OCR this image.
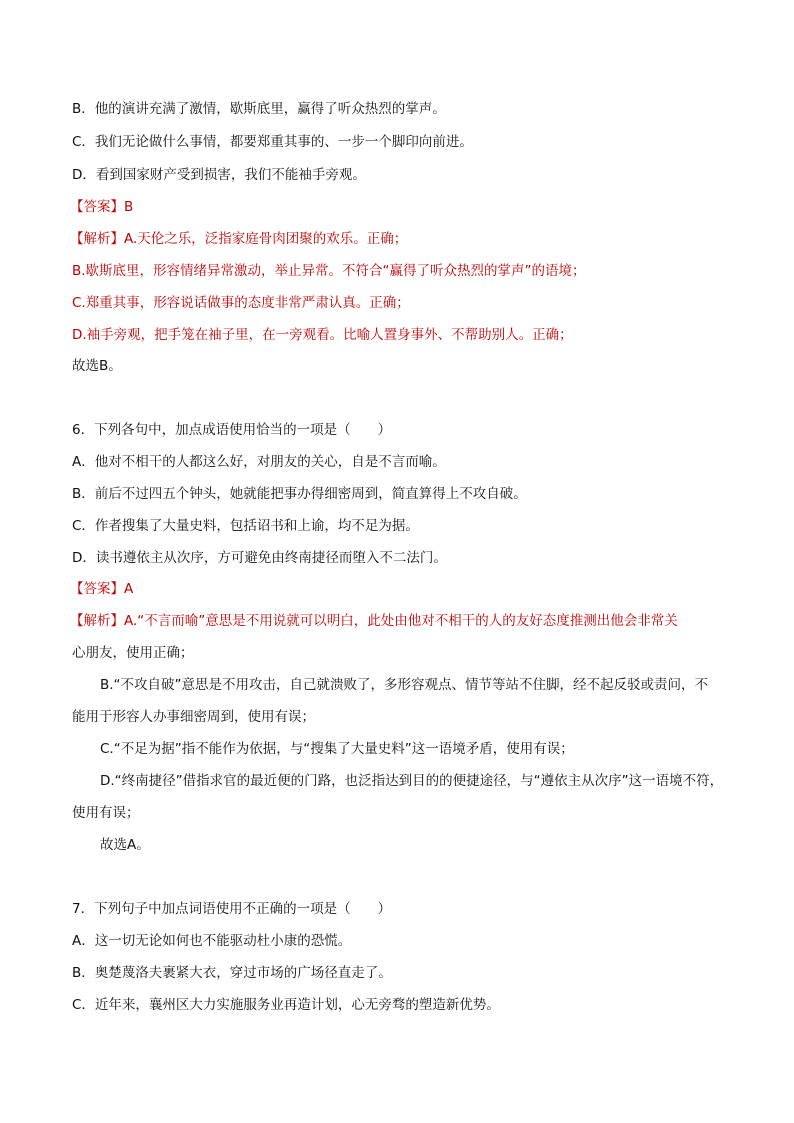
B．他的演讲充满了激情，歇斯底里，赢得了听众热烈的掌声。
C．我们无论做什么事情，都要郑重其事的、一步一个脚印向前进。
D．看到国家财产受到损害，我们不能袖手旁观。
【答案】B
【解析】A.天伦之乐，泛指家庭骨肉团聚的欢乐。正确；
B.歇斯底里，形容情绪异常激动，举止异常。不符合“赢得了听众热烈的掌声”的语境；
C.郑重其事，形容说话做事的态度非常严肃认真。正确；
D.袖手旁观，把手笼在袖子里，在一旁观看。比喻人置身事外、不帮助别人。正确；
故选B。
6．下列各句中，加点成语使用恰当的一项是（　　）
A．他对不相干的人都这么好，对朋友的关心，自是不言而喻。
B．前后不过四五个钟头，她就能把事办得细密周到，简直算得上不攻自破。
C．作者搜集了大量史料，包括诏书和上谕，均不足为据。
D．读书遵依主从次序，方可避免由终南捷径而堕入不二法门。
【答案】A
【解析】A.“不言而喻”意思是不用说就可以明白，此处由他对不相干的人的友好态度推测出他会非常关
心朋友，使用正确；
B.“不攻自破”意思是不用攻击，自己就溃败了，多形容观点、情节等站不住脚，经不起反驳或责问，不
能用于形容人办事细密周到，使用有误；
C.“不足为据”指不能作为依据，与“搜集了大量史料”这一语境矛盾，使用有误；
D.“终南捷径”借指求官的最近便的门路，也泛指达到目的的便捷途径，与“遵依主从次序”这一语境不符，
使用有误；
故选A。
7．下列句子中加点词语使用不正确的一项是（　　）
A．这一切无论如何也不能驱动杜小康的恐慌。
B．奥楚蔑洛夫裹紧大衣，穿过市场的广场径直走了。
C．近年来，襄州区大力实施服务业再造计划，心无旁骛的塑造新优势。
